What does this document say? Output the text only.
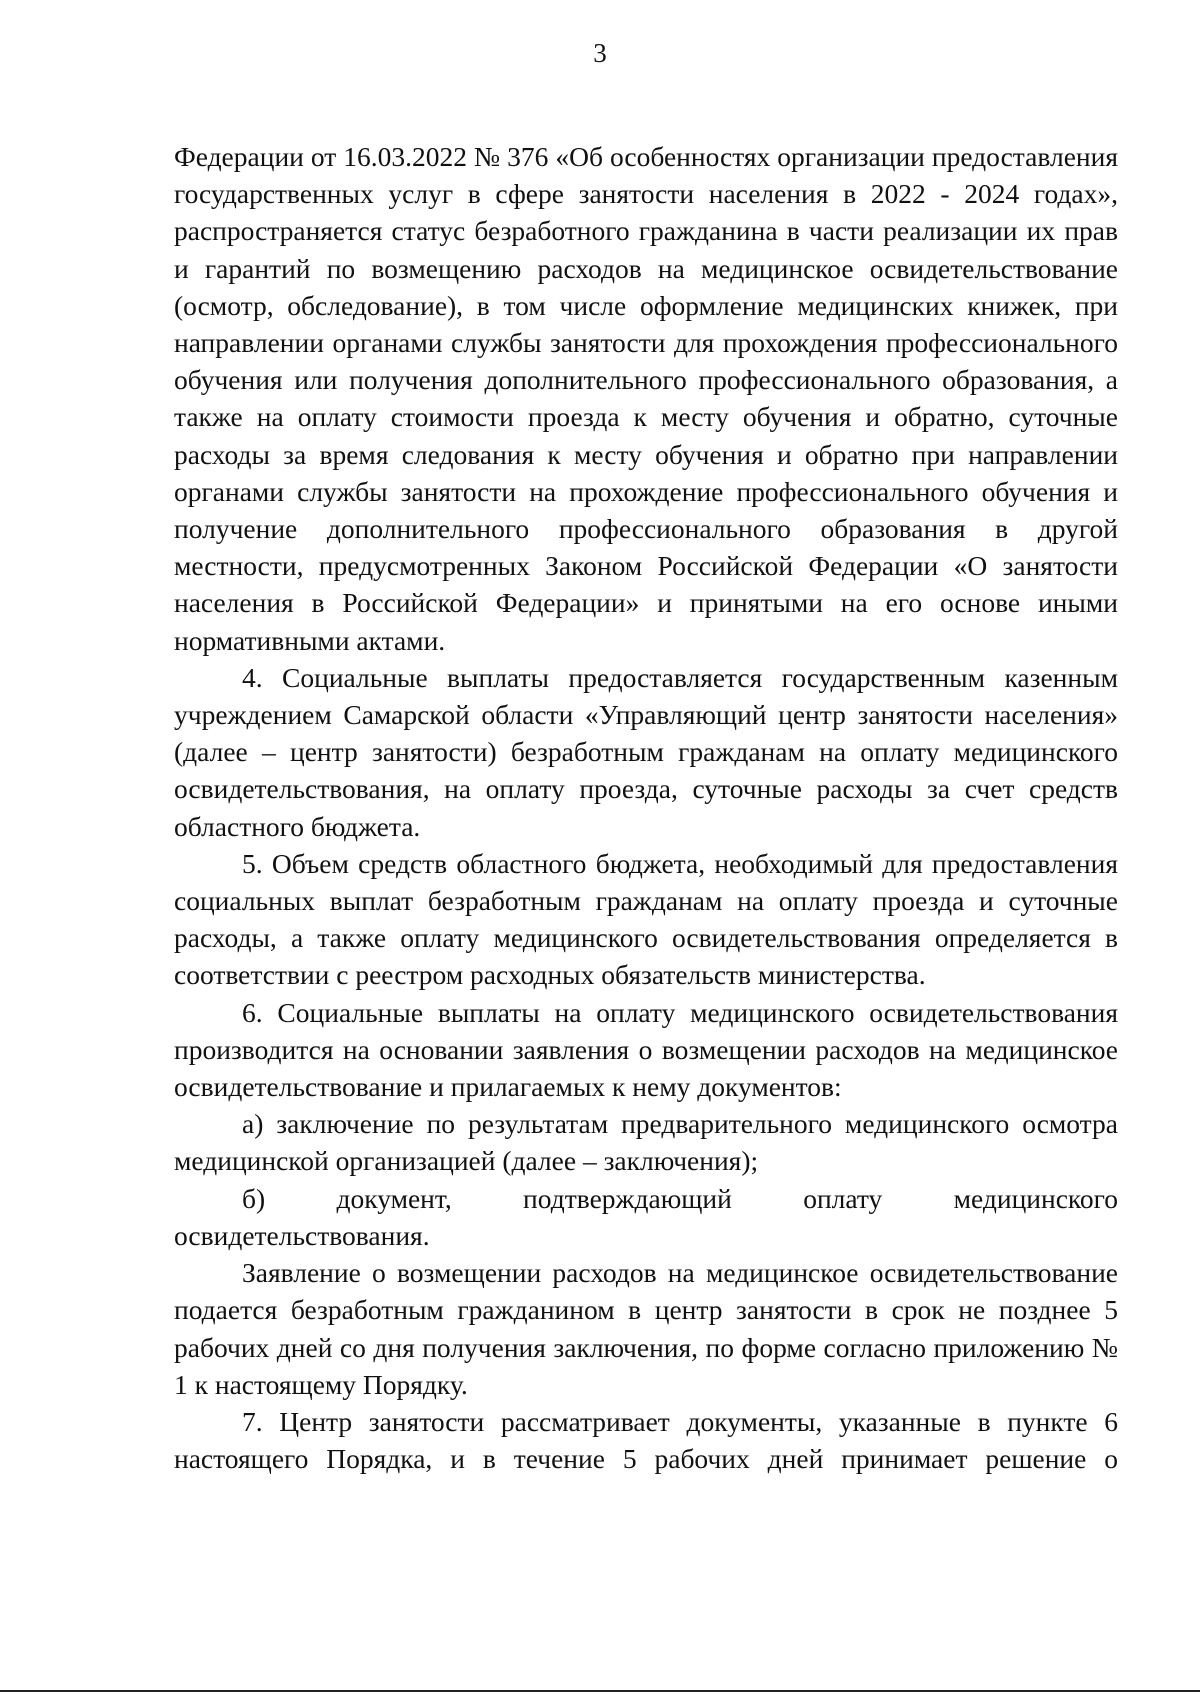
3

Федерации от 16.03.2022 № 376 «Об особенностях организации предоставления государственных услуг в сфере занятости населения в 2022 - 2024 годах», распространяется статус безработного гражданина в части реализации их прав и гарантий по возмещению расходов на медицинское освидетельствование (осмотр, обследование), в том числе оформление медицинских книжек, при направлении органами службы занятости для прохождения профессионального обучения или получения дополнительного профессионального образования, а также на оплату стоимости проезда к месту обучения и обратно, суточные расходы за время следования к месту обучения и обратно при направлении органами службы занятости на прохождение профессионального обучения и получение дополнительного профессионального образования в другой местности, предусмотренных Законом Российской Федерации «О занятости населения в Российской Федерации» и принятыми на его основе иными нормативными актами.

4. Социальные выплаты предоставляется государственным казенным учреждением Самарской области «Управляющий центр занятости населения» (далее – центр занятости) безработным гражданам на оплату медицинского освидетельствования, на оплату проезда, суточные расходы за счет средств областного бюджета.

5. Объем средств областного бюджета, необходимый для предоставления социальных выплат безработным гражданам на оплату проезда и суточные расходы, а также оплату медицинского освидетельствования определяется в соответствии с реестром расходных обязательств министерства.

6. Социальные выплаты на оплату медицинского освидетельствования производится на основании заявления о возмещении расходов на медицинское освидетельствование и прилагаемых к нему документов:

а) заключение по результатам предварительного медицинского осмотра медицинской организацией (далее – заключения);

б) документ, подтверждающий оплату медицинского освидетельствования.

Заявление о возмещении расходов на медицинское освидетельствование подается безработным гражданином в центр занятости в срок не позднее 5 рабочих дней со дня получения заключения, по форме согласно приложению № 1 к настоящему Порядку.

7. Центр занятости рассматривает документы, указанные в пункте 6 настоящего Порядка, и в течение 5 рабочих дней принимает решение о
